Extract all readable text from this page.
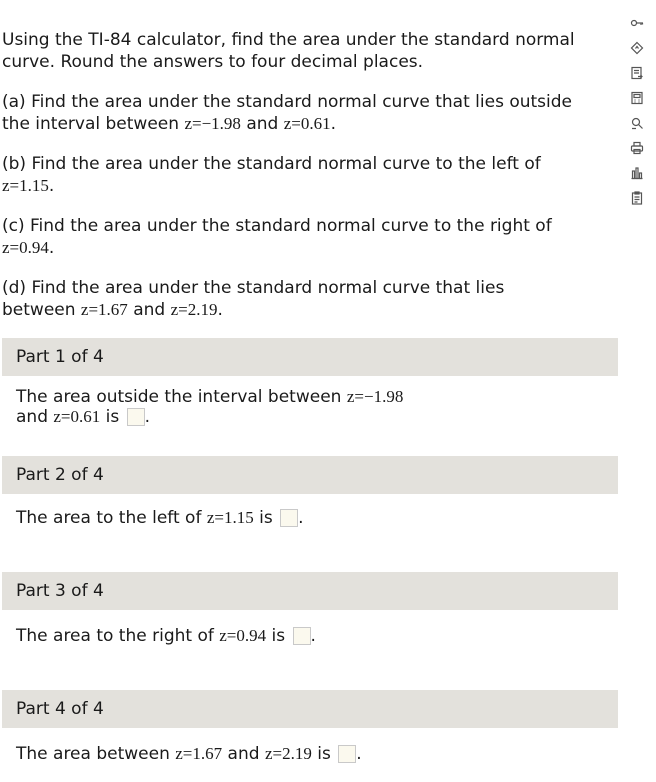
Using the TI-84 calculator, find the area under the standard normal
curve. Round the answers to four decimal places.

(a) Find the area under the standard normal curve that lies outside
the interval between z=−1.98 and z=0.61.

(b) Find the area under the standard normal curve to the left of
z=1.15.

(c) Find the area under the standard normal curve to the right of
z=0.94.

(d) Find the area under the standard normal curve that lies
between z=1.67 and z=2.19.

Part 1 of 4
The area outside the interval between z=−1.98
and z=0.61 is .
Part 2 of 4
The area to the left of z=1.15 is .
Part 3 of 4
The area to the right of z=0.94 is .
Part 4 of 4
The area between z=1.67 and z=2.19 is .
